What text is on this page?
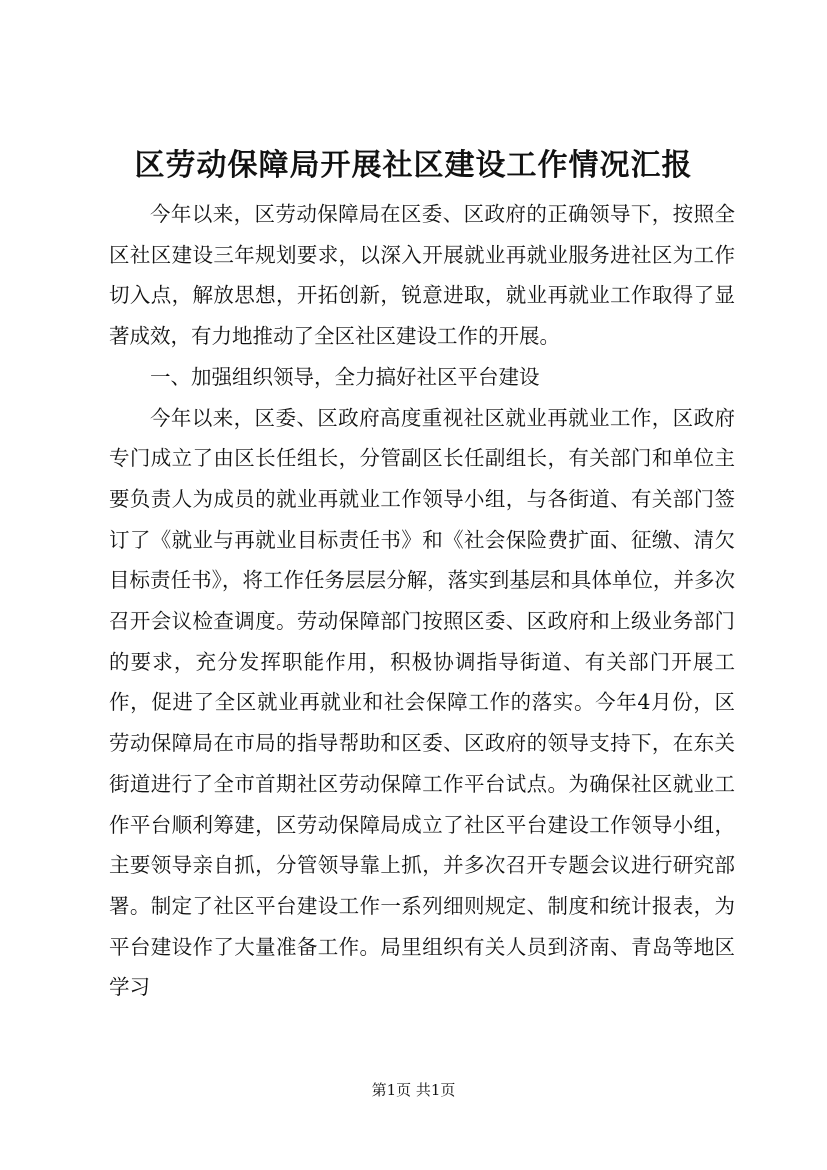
区劳动保障局开展社区建设工作情况汇报

今年以来，区劳动保障局在区委、区政府的正确领导下，按照全区社区建设三年规划要求，以深入开展就业再就业服务进社区为工作切入点，解放思想，开拓创新，锐意进取，就业再就业工作取得了显著成效，有力地推动了全区社区建设工作的开展。

一、加强组织领导，全力搞好社区平台建设

今年以来，区委、区政府高度重视社区就业再就业工作，区政府专门成立了由区长任组长，分管副区长任副组长，有关部门和单位主要负责人为成员的就业再就业工作领导小组，与各街道、有关部门签订了《就业与再就业目标责任书》和《社会保险费扩面、征缴、清欠目标责任书》，将工作任务层层分解，落实到基层和具体单位，并多次召开会议检查调度。劳动保障部门按照区委、区政府和上级业务部门的要求，充分发挥职能作用，积极协调指导街道、有关部门开展工作，促进了全区就业再就业和社会保障工作的落实。今年4月份，区劳动保障局在市局的指导帮助和区委、区政府的领导支持下，在东关街道进行了全市首期社区劳动保障工作平台试点。为确保社区就业工作平台顺利筹建，区劳动保障局成立了社区平台建设工作领导小组，主要领导亲自抓，分管领导靠上抓，并多次召开专题会议进行研究部署。制定了社区平台建设工作一系列细则规定、制度和统计报表，为平台建设作了大量准备工作。局里组织有关人员到济南、青岛等地区学习

第1页 共1页
